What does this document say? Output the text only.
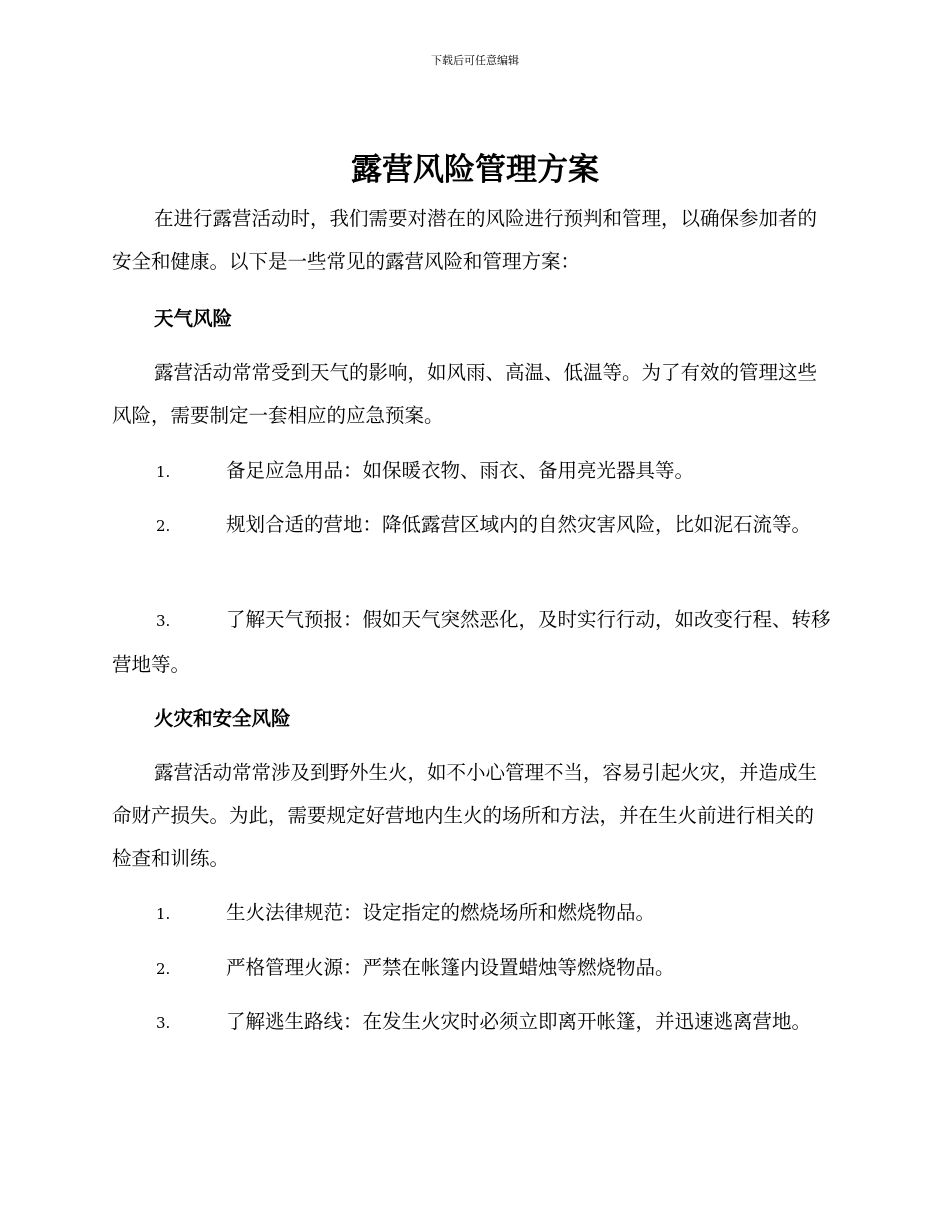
下载后可任意编辑
露营风险管理方案

在进行露营活动时，我们需要对潜在的风险进行预判和管理，以确保参加者的安全和健康。以下是一些常见的露营风险和管理方案：

天气风险

露营活动常常受到天气的影响，如风雨、高温、低温等。为了有效的管理这些风险，需要制定一套相应的应急预案。

1.	备足应急用品：如保暖衣物、雨衣、备用亮光器具等。

2.	规划合适的营地：降低露营区域内的自然灾害风险，比如泥石流等。

3.	了解天气预报：假如天气突然恶化，及时实行行动，如改变行程、转移营地等。

火灾和安全风险

露营活动常常涉及到野外生火，如不小心管理不当，容易引起火灾，并造成生命财产损失。为此，需要规定好营地内生火的场所和方法，并在生火前进行相关的检查和训练。

1.	生火法律规范：设定指定的燃烧场所和燃烧物品。

2.	严格管理火源：严禁在帐篷内设置蜡烛等燃烧物品。

3.	了解逃生路线：在发生火灾时必须立即离开帐篷，并迅速逃离营地。
